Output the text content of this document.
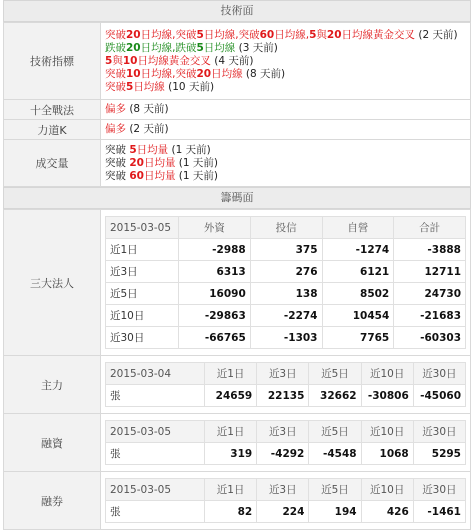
技術面
技術指標	突破20日均線,突破5日均線,突破60日均線,5與20日均線黃金交叉 (2 天前)
跌破20日均線,跌破5日均線 (3 天前)
5與10日均線黃金交叉 (4 天前)
突破10日均線,突破20日均線 (8 天前)
突破5日均線 (10 天前)

十全戰法	偏多 (8 天前)

力道K	偏多 (2 天前)

成交量	突破 5日均量 (1 天前)
突破 20日均量 (1 天前)
突破 60日均量 (1 天前)
籌碼面
三大法人	
2015-03-05	外資	投信	自營	合計
近1日	-2988	375	-1274	-3888
近3日	6313	276	6121	12711
近5日	16090	138	8502	24730
近10日	-29863	-2274	10454	-21683
近30日	-66765	-1303	7765	-60303

主力	
2015-03-04	近1日	近3日	近5日	近10日	近30日
張	24659	22135	32662	-30806	-45060

融資	
2015-03-05	近1日	近3日	近5日	近10日	近30日
張	319	-4292	-4548	1068	5295

融券	
2015-03-05	近1日	近3日	近5日	近10日	近30日
張	82	224	194	426	-1461
